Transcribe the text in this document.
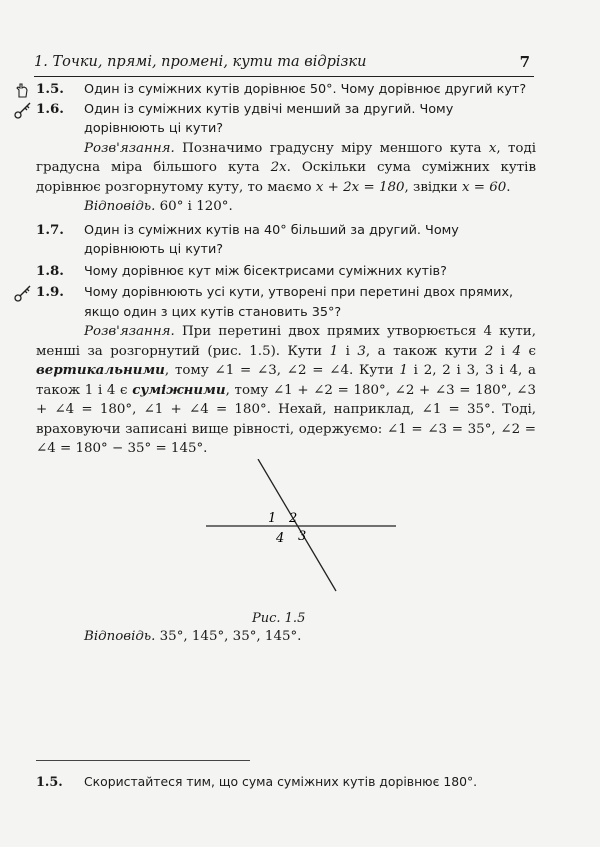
1. Точки, прямі, промені, кути та відрізки	7
1.5. Один із суміжних кутів дорівнює 50°. Чому дорівнює другий кут?
1.6. Один із суміжних кутів удвічі менший за другий. Чому дорівнюють ці кути?

Розв'язання. Позначимо градусну міру меншого кута x, тоді градусна міра більшого кута 2x. Оскільки сума суміжних кутів дорівнює розгорнутому куту, то маємо x + 2x = 180, звідки x = 60.

Відповідь. 60° і 120°.

1.7. Один із суміжних кутів на 40° більший за другий. Чому дорівнюють ці кути?
1.8. Чому дорівнює кут між бісектрисами суміжних кутів?
1.9. Чому дорівнюють усі кути, утворені при перетині двох прямих, якщо один з цих кутів становить 35°?

Розв'язання. При перетині двох прямих утворюється 4 кути, менші за розгорнутий (рис. 1.5). Кути 1 і 3, а також кути 2 і 4 є вертикальними, тому ∠1 = ∠3, ∠2 = ∠4. Кути 1 і 2, 2 і 3, 3 і 4, а також 1 і 4 є суміжними, тому ∠1 + ∠2 = 180°, ∠2 + ∠3 = 180°, ∠3 + ∠4 = 180°, ∠1 + ∠4 = 180°. Нехай, наприклад, ∠1 = 35°. Тоді, враховуючи записані вище рівності, одержуємо: ∠1 = ∠3 = 35°, ∠2 = ∠4 = 180° − 35° = 145°.

1 2
4 3
Рис. 1.5

Відповідь. 35°, 145°, 35°, 145°.

1.5. Скористайтеся тим, що сума суміжних кутів дорівнює 180°.
